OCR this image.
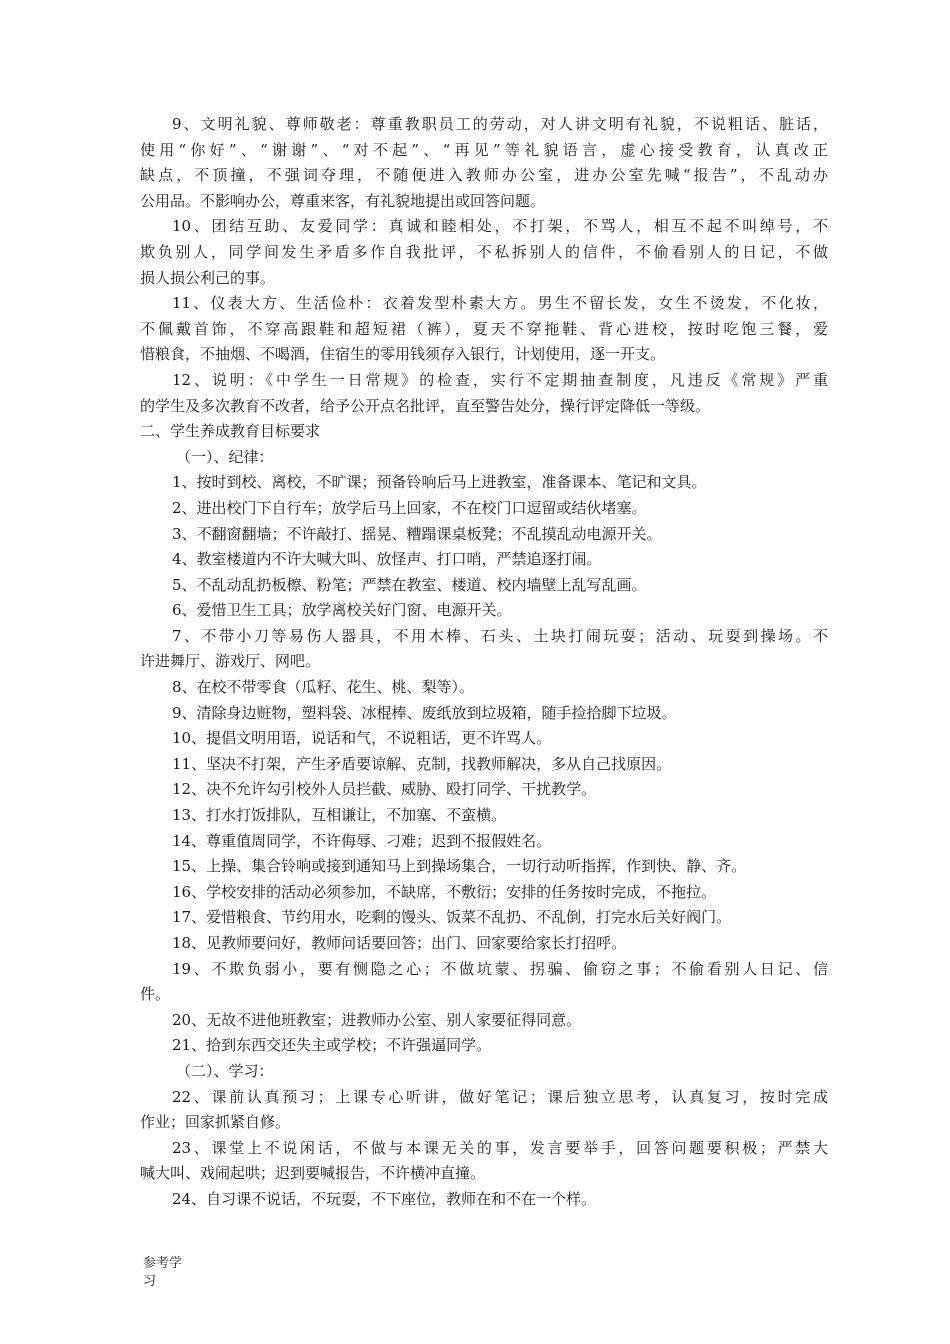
9、文明礼貌、尊师敬老：尊重教职员工的劳动，对人讲文明有礼貌，不说粗话、脏话，
使用“你好”、“谢谢”、“对不起”、“再见”等礼貌语言，虚心接受教育，认真改正
缺点，不顶撞，不强词夺理，不随便进入教师办公室，进办公室先喊“报告”，不乱动办
公用品。不影响办公，尊重来客，有礼貌地提出或回答问题。
10、团结互助、友爱同学：真诚和睦相处，不打架，不骂人，相互不起不叫绰号，不
欺负别人，同学间发生矛盾多作自我批评，不私拆别人的信件，不偷看别人的日记，不做
损人损公利己的事。
11、仪表大方、生活俭朴：衣着发型朴素大方。男生不留长发，女生不烫发，不化妆，
不佩戴首饰，不穿高跟鞋和超短裙（裤），夏天不穿拖鞋、背心进校，按时吃饱三餐，爱
惜粮食，不抽烟、不喝酒，住宿生的零用钱须存入银行，计划使用，逐一开支。
12、说明：《中学生一日常规》的检查，实行不定期抽查制度，凡违反《常规》严重
的学生及多次教育不改者，给予公开点名批评，直至警告处分，操行评定降低一等级。
二、学生养成教育目标要求
（一）、纪律：
1、按时到校、离校，不旷课；预备铃响后马上进教室，准备课本、笔记和文具。
2、进出校门下自行车；放学后马上回家，不在校门口逗留或结伙堵塞。
3、不翻窗翻墙；不许敲打、摇晃、糟蹋课桌板凳；不乱摸乱动电源开关。
4、教室楼道内不许大喊大叫、放怪声、打口哨，严禁追逐打闹。
5、不乱动乱扔板檫、粉笔；严禁在教室、楼道、校内墙壁上乱写乱画。
6、爱惜卫生工具；放学离校关好门窗、电源开关。
7、不带小刀等易伤人器具，不用木棒、石头、土块打闹玩耍；活动、玩耍到操场。不
许进舞厅、游戏厅、网吧。
8、在校不带零食（瓜籽、花生、桃、梨等）。
9、清除身边赃物，塑料袋、冰棍棒、废纸放到垃圾箱，随手捡拾脚下垃圾。
10、提倡文明用语，说话和气，不说粗话，更不许骂人。
11、坚决不打架，产生矛盾要谅解、克制，找教师解决，多从自己找原因。
12、决不允许勾引校外人员拦截、威胁、殴打同学、干扰教学。
13、打水打饭排队，互相谦让，不加塞、不蛮横。
14、尊重值周同学，不许侮辱、刁难；迟到不报假姓名。
15、上操、集合铃响或接到通知马上到操场集合，一切行动听指挥，作到快、静、齐。
16、学校安排的活动必须参加，不缺席，不敷衍；安排的任务按时完成，不拖拉。
17、爱惜粮食、节约用水，吃剩的馒头、饭菜不乱扔、不乱倒，打完水后关好阀门。
18、见教师要问好，教师问话要回答；出门、回家要给家长打招呼。
19、不欺负弱小，要有恻隐之心；不做坑蒙、拐骗、偷窃之事；不偷看别人日记、信
件。
20、无故不进他班教室；进教师办公室、别人家要征得同意。
21、拾到东西交还失主或学校；不许强逼同学。
（二）、学习：
22、课前认真预习；上课专心听讲，做好笔记；课后独立思考，认真复习，按时完成
作业；回家抓紧自修。
23、课堂上不说闲话，不做与本课无关的事，发言要举手，回答问题要积极；严禁大
喊大叫、戏闹起哄；迟到要喊报告，不许横冲直撞。
24、自习课不说话，不玩耍，不下座位，教师在和不在一个样。
参考学
习
